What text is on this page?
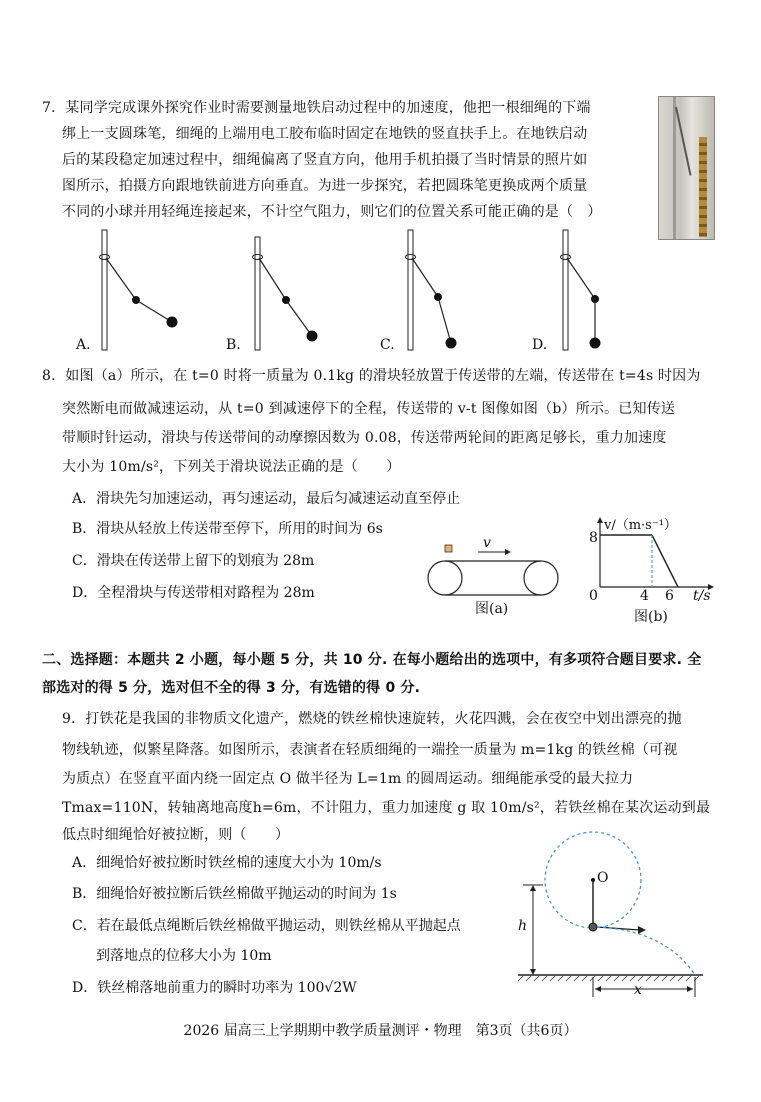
7．某同学完成课外探究作业时需要测量地铁启动过程中的加速度，他把一根细绳的下端
绑上一支圆珠笔，细绳的上端用电工胶布临时固定在地铁的竖直扶手上。在地铁启动
后的某段稳定加速过程中，细绳偏离了竖直方向，他用手机拍摄了当时情景的照片如
图所示，拍摄方向跟地铁前进方向垂直。为进一步探究，若把圆珠笔更换成两个质量
不同的小球并用轻绳连接起来，不计空气阻力，则它们的位置关系可能正确的是（　）
A.	B.	C.	D.
8．如图（a）所示，在 t=0 时将一质量为 0.1kg 的滑块轻放置于传送带的左端，传送带在 t=4s 时因为
突然断电而做减速运动，从 t=0 到减速停下的全程，传送带的 v-t 图像如图（b）所示。已知传送
带顺时针运动，滑块与传送带间的动摩擦因数为 0.08，传送带两轮间的距离足够长，重力加速度
大小为 10m/s²，下列关于滑块说法正确的是（　　）
A．滑块先匀加速运动，再匀速运动，最后匀减速运动直至停止
B．滑块从轻放上传送带至停下，所用的时间为 6s
C．滑块在传送带上留下的划痕为 28m
D．全程滑块与传送带相对路程为 28m
v
图(a)
v/（m·s⁻¹）
8
0	4 6 t/s
图(b)
二、选择题：本题共 2 小题，每小题 5 分，共 10 分. 在每小题给出的选项中，有多项符合题目要求. 全
部选对的得 5 分，选对但不全的得 3 分，有选错的得 0 分.
9．打铁花是我国的非物质文化遗产，燃烧的铁丝棉快速旋转，火花四溅，会在夜空中划出漂亮的抛
物线轨迹，似繁星降落。如图所示，表演者在轻质细绳的一端拴一质量为 m=1kg 的铁丝棉（可视
为质点）在竖直平面内绕一固定点 O 做半径为 L=1m 的圆周运动。细绳能承受的最大拉力
Tmax=110N，转轴离地高度h=6m，不计阻力，重力加速度 g 取 10m/s²，若铁丝棉在某次运动到最
低点时细绳恰好被拉断，则（　　）
A．细绳恰好被拉断时铁丝棉的速度大小为 10m/s
B．细绳恰好被拉断后铁丝棉做平抛运动的时间为 1s
C．若在最低点绳断后铁丝棉做平抛运动，则铁丝棉从平抛起点
到落地点的位移大小为 10m
D．铁丝棉落地前重力的瞬时功率为 100√2W
O
h
x
2026 届高三上学期期中教学质量测评・物理　第3页（共6页）
